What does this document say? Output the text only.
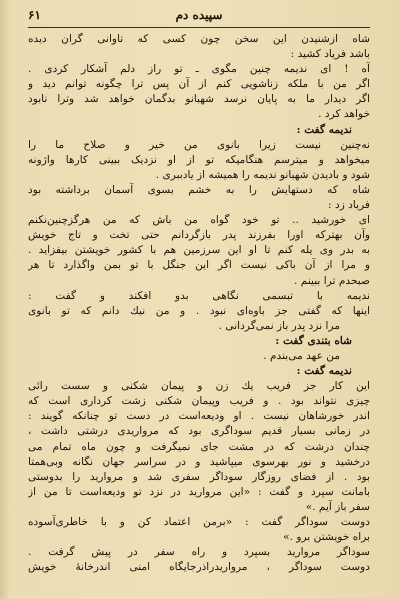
۶۱	سپیده دم
شاه ازشنیدن این سخن چون کسی که تاوانی گران دیده
باشد فریاد کشید :
آه ! ای ندیمه چنین مگوی ـ تو راز دلم آشکار کردی .
اگر من با ملکه زناشویی کنم از آن پس ترا چگونه توانم دید و
اگر دیدار ما به پایان نرسد شهبانو بدگمان خواهد شد وترا نابود
خواهد کرد .
ندیمه گفت :
نه‌چنین نیست زیرا بانوی من خیر و صلاح ما را
میخواهد و میترسم هنگامیکه تو از او نزدیک ببینی کارها واژونه
شود و بادیدن شهبانو ندیمه را همیشه از یادببری .
شاه که دستهایش را به خشم بسوی آسمان برداشته بود
فریاد زد :
ای خورشید .. تو خود گواه من باش که من هرگزچنین‌نکنم
وآن بهترکه اورا بفرزند پدر بازگردانم حتی تخت و تاج خویش
به بدر وی یله کنم تا او این سرزمین هم با کشور خویشتن بیفزاید .
و مرا از آن باکی نیست اگر این جنگل با تو بمن واگذارد تا هر
صبحدم ترا ببینم .
ندیمه با تبسمی نگاهی بدو افکند و گفت :
اینها که گفتی جز باوه‌ای نبود . و من نیك دانم که تو بانوی
مرا نزد پدر باز نمی‌گردانی .
شاه بتندی گفت :
من عهد می‌بندم .
ندیمه گفت :
این کار جز فریب یك زن و پیمان شکنی و سست رائی
چیزی نتواند بود . و فریب وپیمان شکنی زشت کرداری است که
اندر خورشاهان نیست . او ودیعه‌است در دست تو چنانکه گویند :
در زمانی بسیار قدیم سوداگری بود که مرواریدی درشتی داشت ،
چندان درشت که در مشت جای نمیگرفت و چون ماه تمام می
درخشید و نور بهرسوی میپاشید و در سراسر جهان نگانه وبی‌همتا
بود . از فضای روزگار سوداگر سفری شد و مروارید را بدوستی
بامانت سپرد و گفت : «این مروارید در نزد تو ودیعه‌است تا من از
سفر باز آیم .»
دوست سوداگر گفت : «برمن اعتماد کن و با خاطری‌آسوده
براه خویشتن برو .»
سوداگر مروارید بسپرد و راه سفر در پیش گرفت .
دوست سوداگر ، مرواریدراذرجایگاه امنی اندرخانهٔ خویش
